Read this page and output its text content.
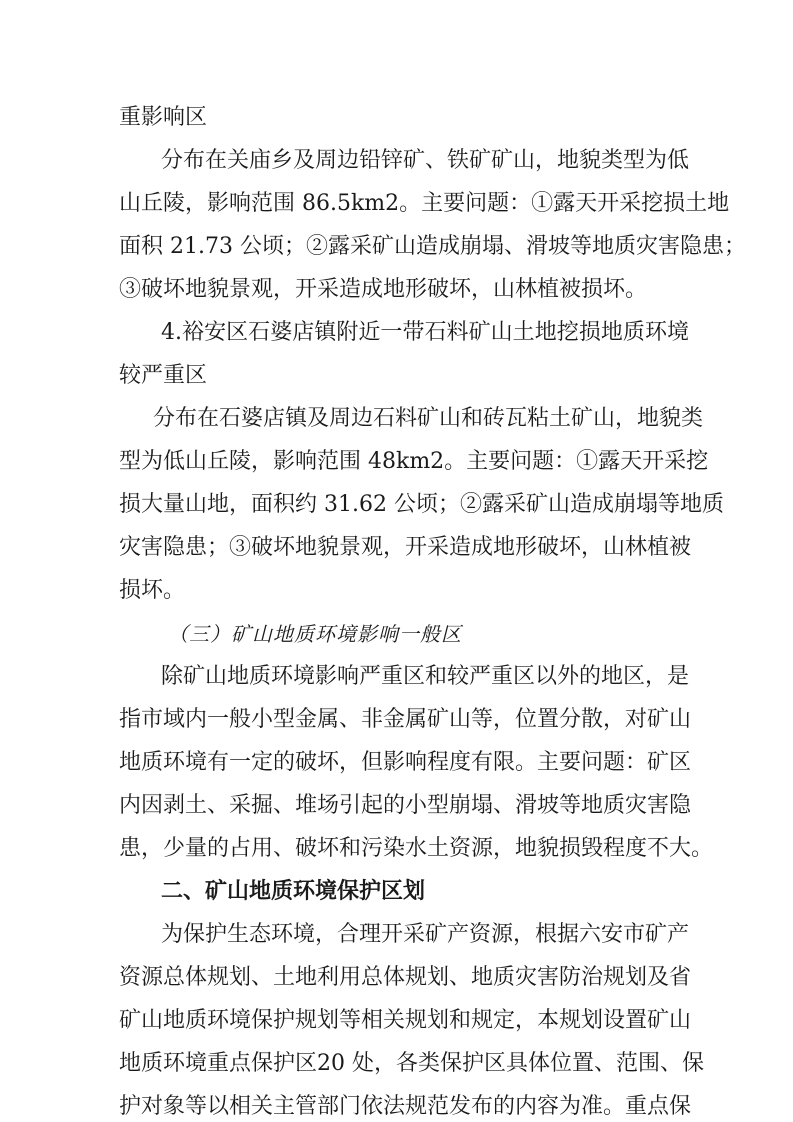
重影响区
分布在关庙乡及周边铅锌矿、铁矿矿山，地貌类型为低
山丘陵，影响范围 86.5km2。主要问题：①露天开采挖损土地
面积 21.73 公顷；②露采矿山造成崩塌、滑坡等地质灾害隐患；
③破坏地貌景观，开采造成地形破坏，山林植被损坏。
4.裕安区石婆店镇附近一带石料矿山土地挖损地质环境
较严重区
分布在石婆店镇及周边石料矿山和砖瓦粘土矿山，地貌类
型为低山丘陵，影响范围 48km2。主要问题：①露天开采挖
损大量山地，面积约 31.62 公顷；②露采矿山造成崩塌等地质
灾害隐患；③破坏地貌景观，开采造成地形破坏，山林植被
损坏。
（三）矿山地质环境影响一般区
除矿山地质环境影响严重区和较严重区以外的地区，是
指市域内一般小型金属、非金属矿山等，位置分散，对矿山
地质环境有一定的破坏，但影响程度有限。主要问题：矿区
内因剥土、采掘、堆场引起的小型崩塌、滑坡等地质灾害隐
患，少量的占用、破坏和污染水土资源，地貌损毁程度不大。
二、矿山地质环境保护区划
为保护生态环境，合理开采矿产资源，根据六安市矿产
资源总体规划、土地利用总体规划、地质灾害防治规划及省
矿山地质环境保护规划等相关规划和规定，本规划设置矿山
地质环境重点保护区20 处，各类保护区具体位置、范围、保
护对象等以相关主管部门依法规范发布的内容为准。重点保
